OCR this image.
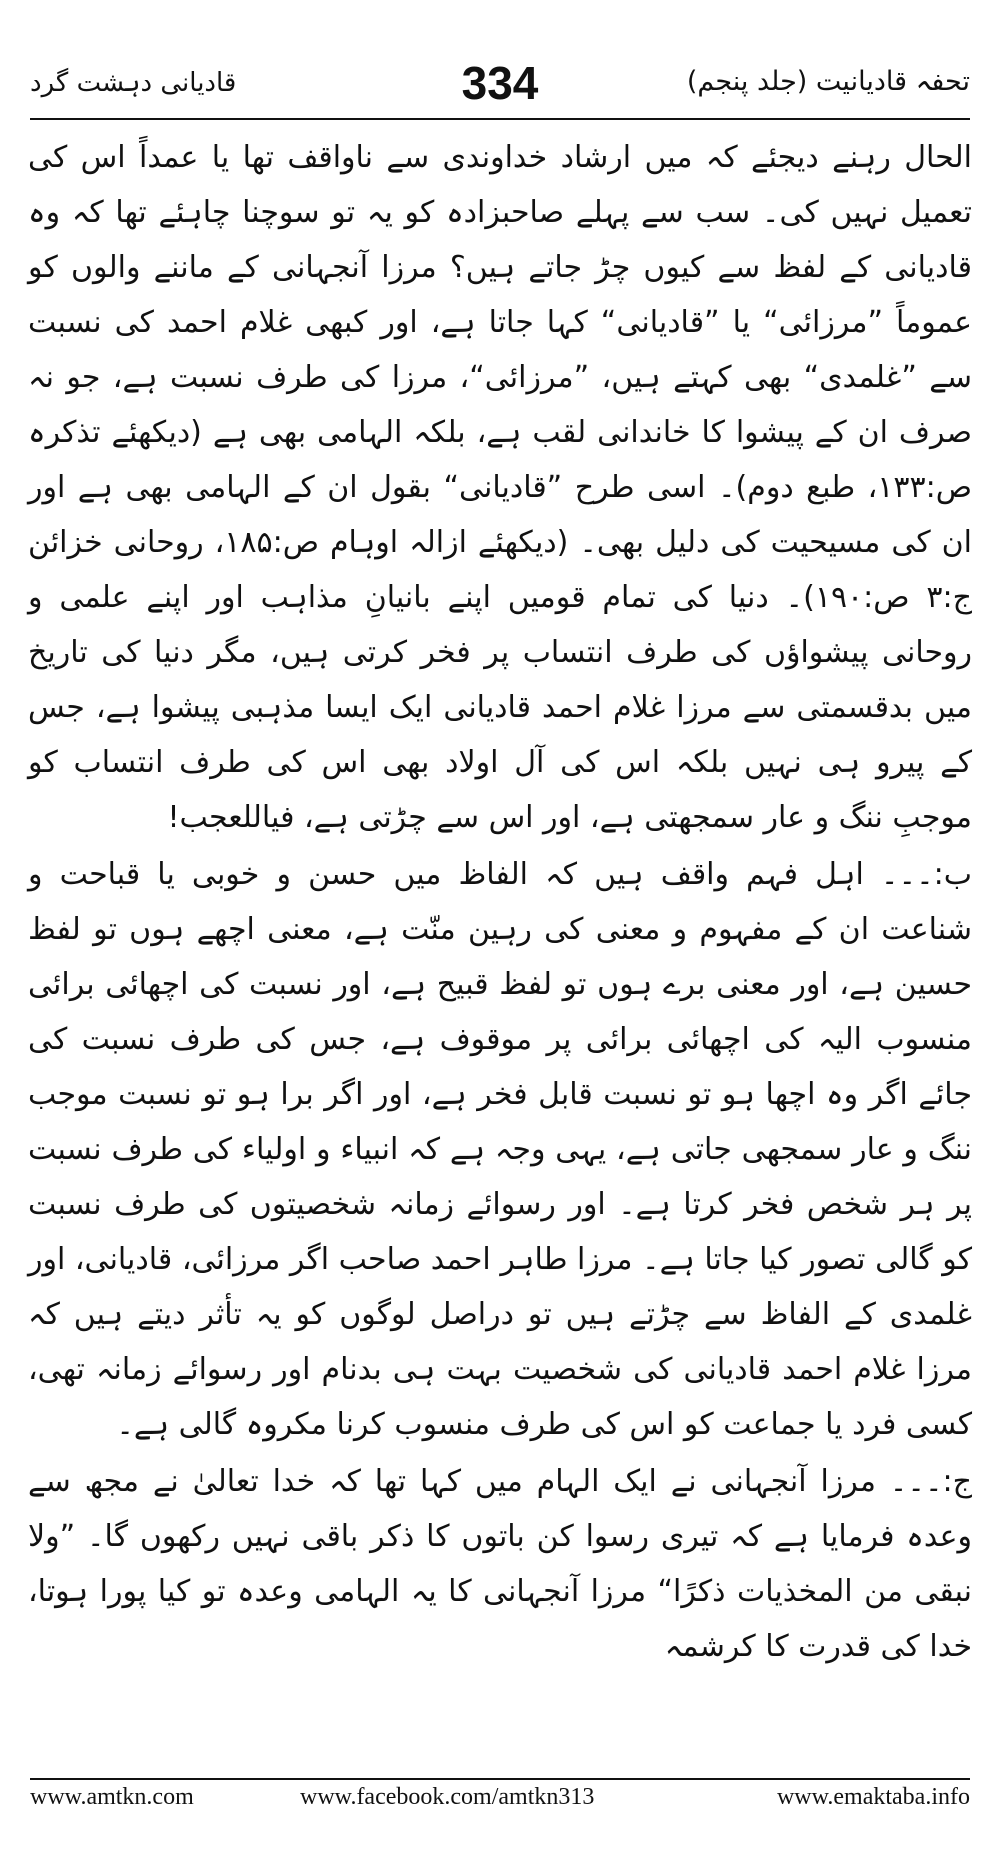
قادیانی دہشت گرد	334	تحفہ قادیانیت (جلد پنجم)

الحال رہنے دیجئے کہ میں ارشاد خداوندی سے ناواقف تھا یا عمداً اس کی تعمیل نہیں کی۔ سب سے پہلے صاحبزادہ کو یہ تو سوچنا چاہئے تھا کہ وہ قادیانی کے لفظ سے کیوں چڑ جاتے ہیں؟ مرزا آنجہانی کے ماننے والوں کو عموماً ”مرزائی“ یا ”قادیانی“ کہا جاتا ہے، اور کبھی غلام احمد کی نسبت سے ”غلمدی“ بھی کہتے ہیں، ”مرزائی“، مرزا کی طرف نسبت ہے، جو نہ صرف ان کے پیشوا کا خاندانی لقب ہے، بلکہ الہامی بھی ہے (دیکھئے تذکرہ ص:۱۳۳، طبع دوم)۔ اسی طرح ”قادیانی“ بقول ان کے الہامی بھی ہے اور ان کی مسیحیت کی دلیل بھی۔ (دیکھئے ازالہ اوہام ص:۱۸۵، روحانی خزائن ج:۳ ص:۱۹۰)۔ دنیا کی تمام قومیں اپنے بانیانِ مذاہب اور اپنے علمی و روحانی پیشواؤں کی طرف انتساب پر فخر کرتی ہیں، مگر دنیا کی تاریخ میں بدقسمتی سے مرزا غلام احمد قادیانی ایک ایسا مذہبی پیشوا ہے، جس کے پیرو ہی نہیں بلکہ اس کی آل اولاد بھی اس کی طرف انتساب کو موجبِ ننگ و عار سمجھتی ہے، اور اس سے چڑتی ہے، فیاللعجب!

ب:۔۔۔ اہل فہم واقف ہیں کہ الفاظ میں حسن و خوبی یا قباحت و شناعت ان کے مفہوم و معنی کی رہین منّت ہے، معنی اچھے ہوں تو لفظ حسین ہے، اور معنی برے ہوں تو لفظ قبیح ہے، اور نسبت کی اچھائی برائی منسوب الیہ کی اچھائی برائی پر موقوف ہے، جس کی طرف نسبت کی جائے اگر وہ اچھا ہو تو نسبت قابل فخر ہے، اور اگر برا ہو تو نسبت موجب ننگ و عار سمجھی جاتی ہے، یہی وجہ ہے کہ انبیاء و اولیاء کی طرف نسبت پر ہر شخص فخر کرتا ہے۔ اور رسوائے زمانہ شخصیتوں کی طرف نسبت کو گالی تصور کیا جاتا ہے۔ مرزا طاہر احمد صاحب اگر مرزائی، قادیانی، اور غلمدی کے الفاظ سے چڑتے ہیں تو دراصل لوگوں کو یہ تأثر دیتے ہیں کہ مرزا غلام احمد قادیانی کی شخصیت بہت ہی بدنام اور رسوائے زمانہ تھی، کسی فرد یا جماعت کو اس کی طرف منسوب کرنا مکروہ گالی ہے۔

ج:۔۔۔ مرزا آنجہانی نے ایک الہام میں کہا تھا کہ خدا تعالیٰ نے مجھ سے وعدہ فرمایا ہے کہ تیری رسوا کن باتوں کا ذکر باقی نہیں رکھوں گا۔ ”ولا نبقی من المخذیات ذکرًا“ مرزا آنجہانی کا یہ الہامی وعدہ تو کیا پورا ہوتا، خدا کی قدرت کا کرشمہ

www.amtkn.com	www.facebook.com/amtkn313	www.emaktaba.info
